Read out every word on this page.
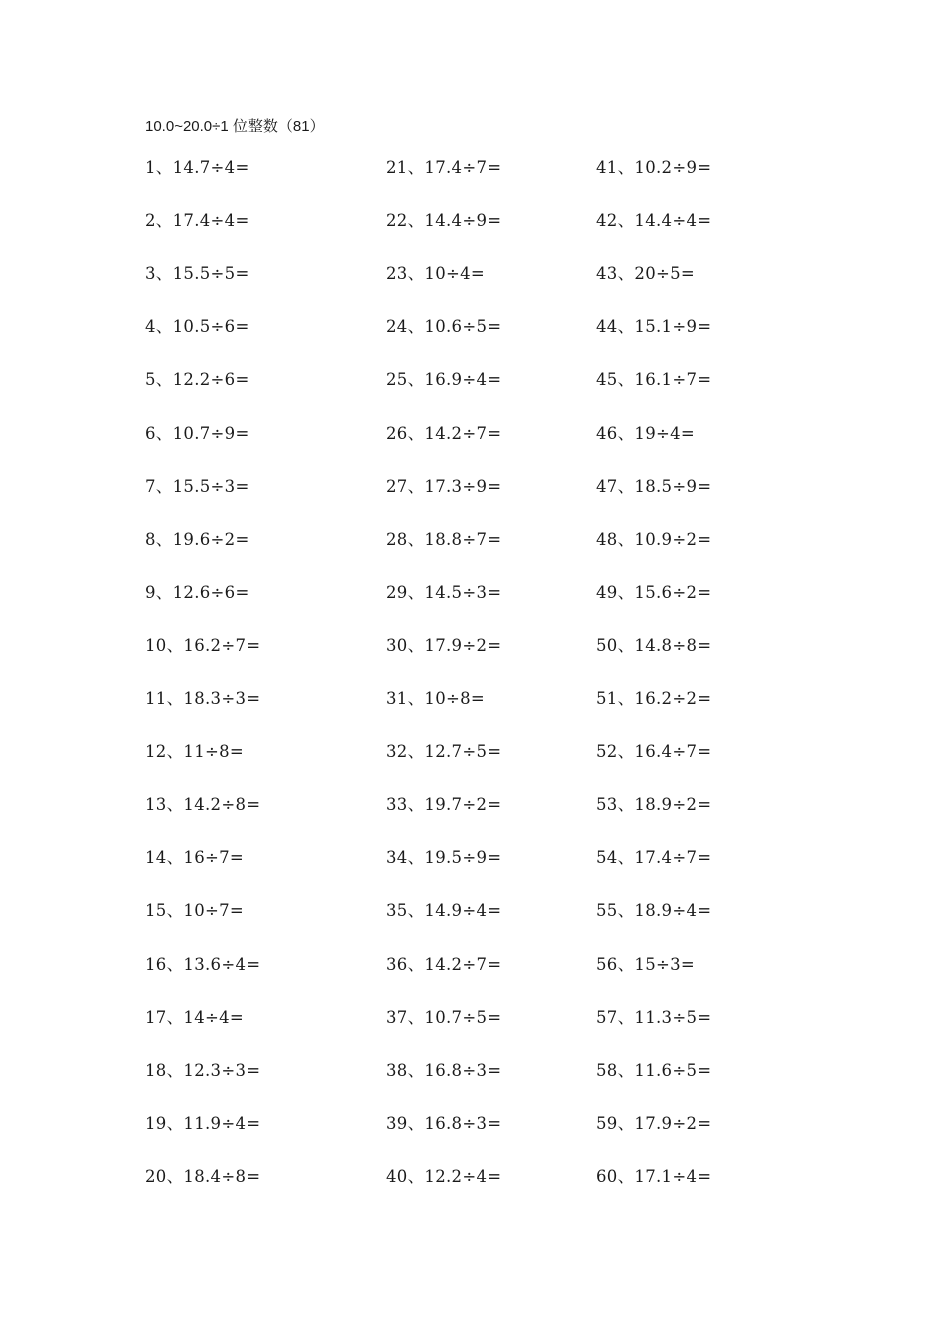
10.0~20.0÷1 位整数（81）
1、14.7÷4=	21、17.4÷7=	41、10.2÷9=
2、17.4÷4=	22、14.4÷9=	42、14.4÷4=
3、15.5÷5=	23、10÷4=	43、20÷5=
4、10.5÷6=	24、10.6÷5=	44、15.1÷9=
5、12.2÷6=	25、16.9÷4=	45、16.1÷7=
6、10.7÷9=	26、14.2÷7=	46、19÷4=
7、15.5÷3=	27、17.3÷9=	47、18.5÷9=
8、19.6÷2=	28、18.8÷7=	48、10.9÷2=
9、12.6÷6=	29、14.5÷3=	49、15.6÷2=
10、16.2÷7=	30、17.9÷2=	50、14.8÷8=
11、18.3÷3=	31、10÷8=	51、16.2÷2=
12、11÷8=	32、12.7÷5=	52、16.4÷7=
13、14.2÷8=	33、19.7÷2=	53、18.9÷2=
14、16÷7=	34、19.5÷9=	54、17.4÷7=
15、10÷7=	35、14.9÷4=	55、18.9÷4=
16、13.6÷4=	36、14.2÷7=	56、15÷3=
17、14÷4=	37、10.7÷5=	57、11.3÷5=
18、12.3÷3=	38、16.8÷3=	58、11.6÷5=
19、11.9÷4=	39、16.8÷3=	59、17.9÷2=
20、18.4÷8=	40、12.2÷4=	60、17.1÷4=
